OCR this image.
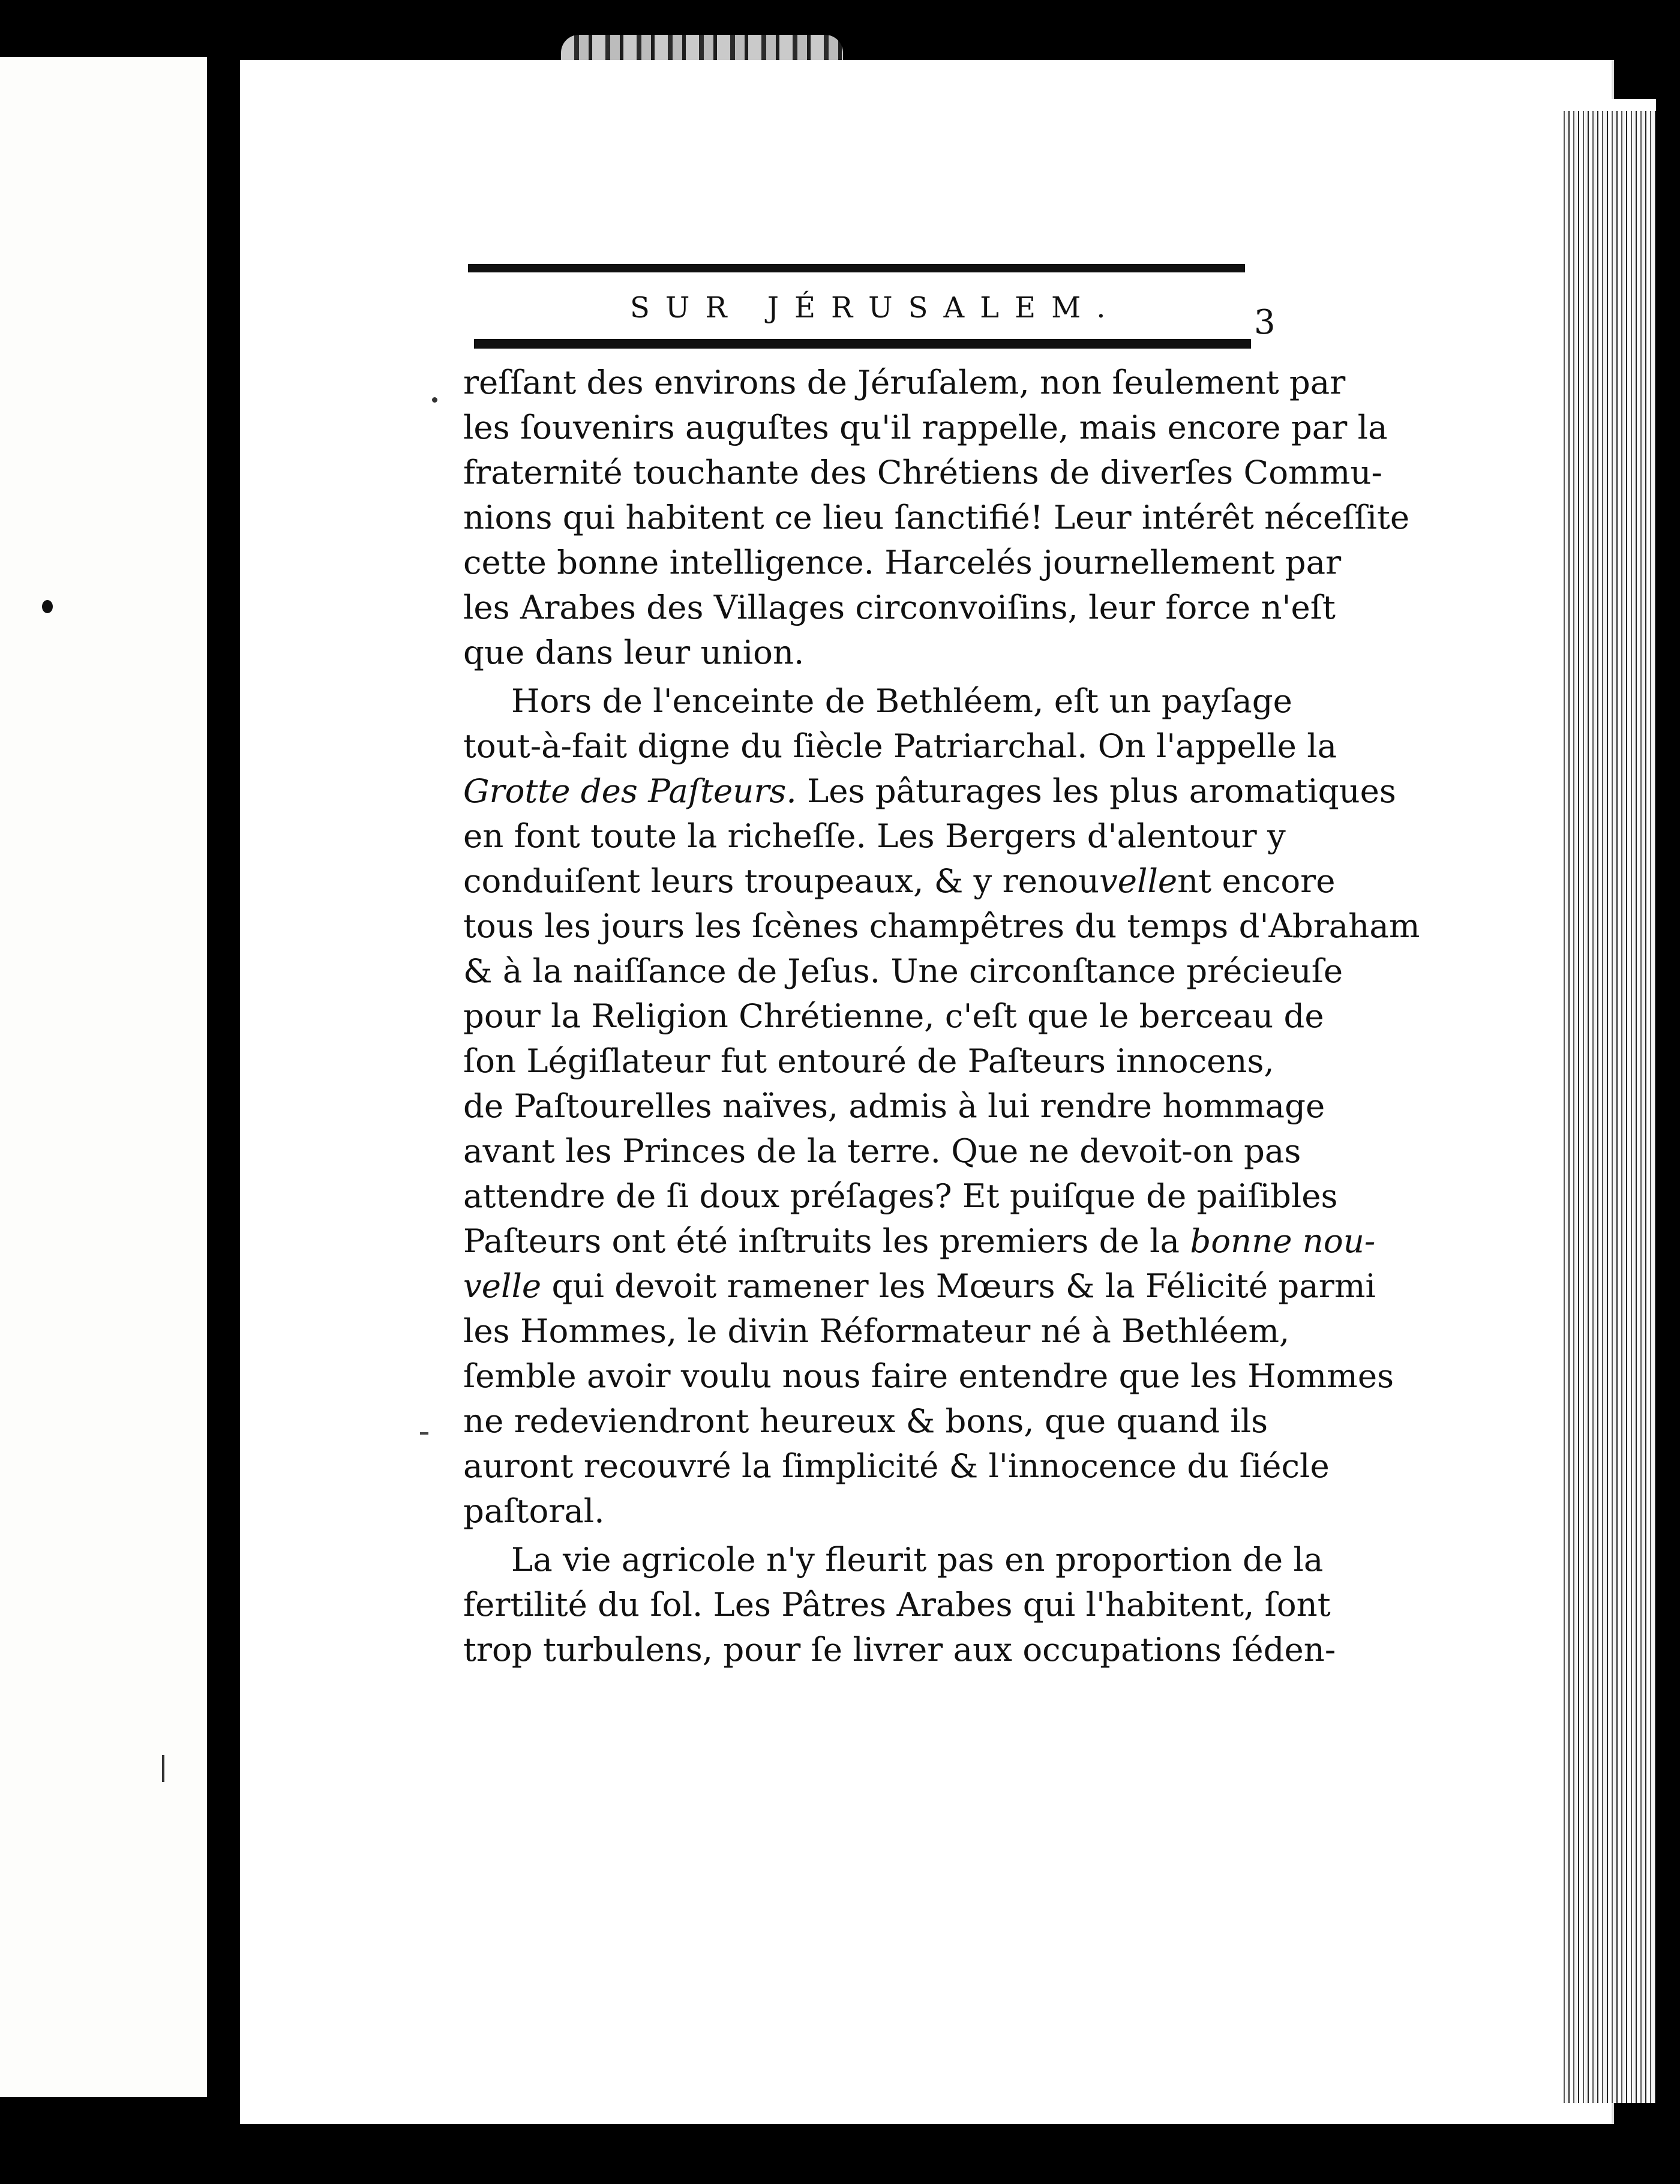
SUR JÉRUSALEM.	3
reſſant des environs de Jéruſalem, non ſeulement par
les ſouvenirs auguſtes qu'il rappelle, mais encore par la
fraternité touchante des Chrétiens de diverſes Commu-
nions qui habitent ce lieu ſanctifié! Leur intérêt néceſſite
cette bonne intelligence. Harcelés journellement par
les Arabes des Villages circonvoiſins, leur force n'eſt
que dans leur union.
Hors de l'enceinte de Bethléem, eſt un payſage
tout-à-fait digne du ſiècle Patriarchal. On l'appelle la
Grotte des Paſteurs. Les pâturages les plus aromatiques
en font toute la richeſſe. Les Bergers d'alentour y
conduiſent leurs troupeaux, & y renouvellent encore
tous les jours les ſcènes champêtres du temps d'Abraham
& à la naiſſance de Jeſus. Une circonſtance précieuſe
pour la Religion Chrétienne, c'eſt que le berceau de
ſon Légiſlateur fut entouré de Paſteurs innocens,
de Paſtourelles naïves, admis à lui rendre hommage
avant les Princes de la terre. Que ne devoit-on pas
attendre de ſi doux préſages? Et puiſque de paiſibles
Paſteurs ont été inſtruits les premiers de la bonne nou-
velle qui devoit ramener les Mœurs & la Félicité parmi
les Hommes, le divin Réformateur né à Bethléem,
ſemble avoir voulu nous faire entendre que les Hommes
ne redeviendront heureux & bons, que quand ils
auront recouvré la ſimplicité & l'innocence du ſiécle
paſtoral.
La vie agricole n'y fleurit pas en proportion de la
fertilité du ſol. Les Pâtres Arabes qui l'habitent, ſont
trop turbulens, pour ſe livrer aux occupations ſéden-
